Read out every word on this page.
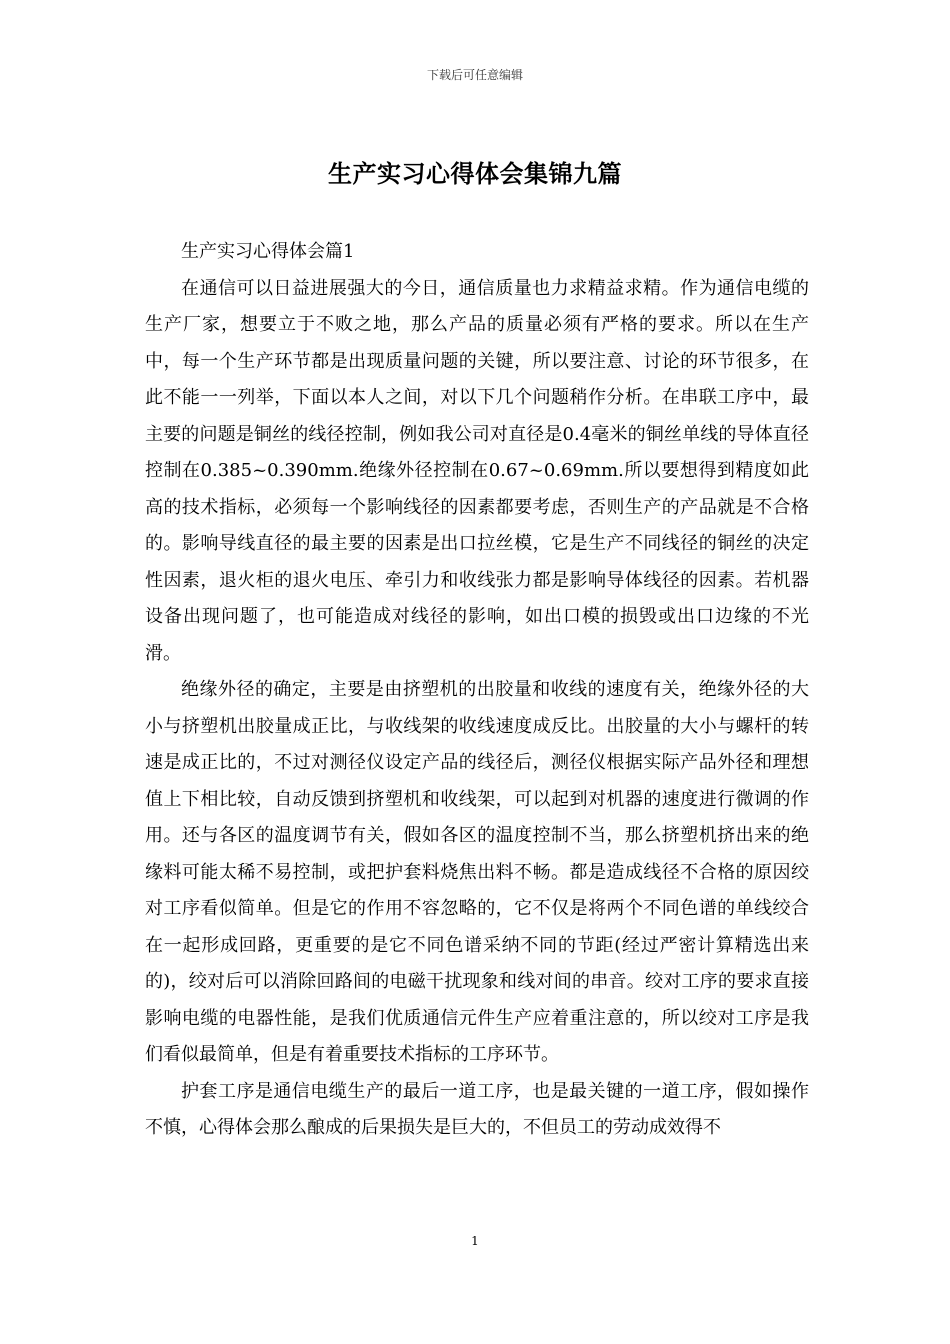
下载后可任意编辑
生产实习心得体会集锦九篇

生产实习心得体会篇1

在通信可以日益进展强大的今日，通信质量也力求精益求精。作为通信电缆的生产厂家，想要立于不败之地，那么产品的质量必须有严格的要求。所以在生产中，每一个生产环节都是出现质量问题的关键，所以要注意、讨论的环节很多，在此不能一一列举，下面以本人之间，对以下几个问题稍作分析。在串联工序中，最主要的问题是铜丝的线径控制，例如我公司对直径是0.4毫米的铜丝单线的导体直径控制在0.385~0.390mm.绝缘外径控制在0.67~0.69mm.所以要想得到精度如此高的技术指标，必须每一个影响线径的因素都要考虑，否则生产的产品就是不合格的。影响导线直径的最主要的因素是出口拉丝模，它是生产不同线径的铜丝的决定性因素，退火柜的退火电压、牵引力和收线张力都是影响导体线径的因素。若机器设备出现问题了，也可能造成对线径的影响，如出口模的损毁或出口边缘的不光滑。

绝缘外径的确定，主要是由挤塑机的出胶量和收线的速度有关，绝缘外径的大小与挤塑机出胶量成正比，与收线架的收线速度成反比。出胶量的大小与螺杆的转速是成正比的，不过对测径仪设定产品的线径后，测径仪根据实际产品外径和理想值上下相比较，自动反馈到挤塑机和收线架，可以起到对机器的速度进行微调的作用。还与各区的温度调节有关，假如各区的温度控制不当，那么挤塑机挤出来的绝缘料可能太稀不易控制，或把护套料烧焦出料不畅。都是造成线径不合格的原因绞对工序看似简单。但是它的作用不容忽略的，它不仅是将两个不同色谱的单线绞合在一起形成回路，更重要的是它不同色谱采纳不同的节距(经过严密计算精选出来的)，绞对后可以消除回路间的电磁干扰现象和线对间的串音。绞对工序的要求直接影响电缆的电器性能，是我们优质通信元件生产应着重注意的，所以绞对工序是我们看似最简单，但是有着重要技术指标的工序环节。

护套工序是通信电缆生产的最后一道工序，也是最关键的一道工序，假如操作不慎，心得体会那么酿成的后果损失是巨大的，不但员工的劳动成效得不

1
